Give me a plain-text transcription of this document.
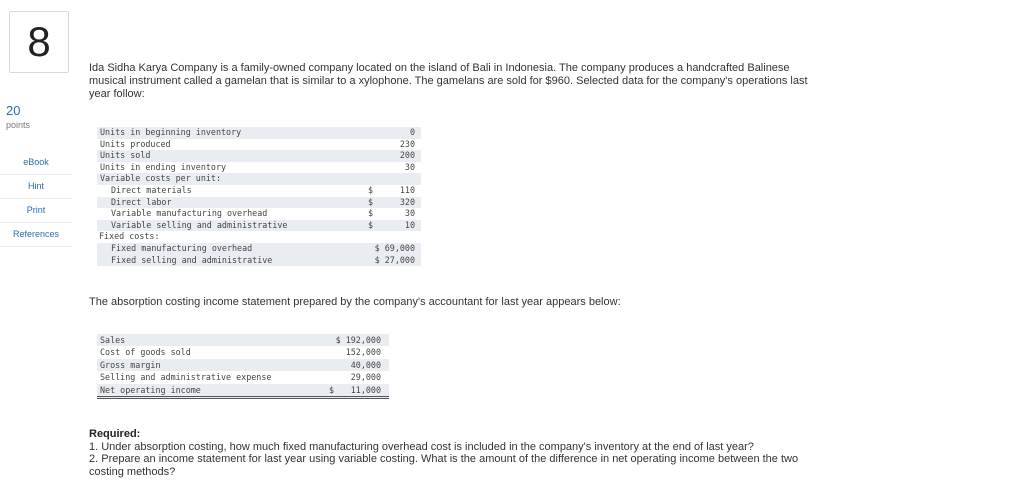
8
20
points
eBook
Hint
Print
References
Ida Sidha Karya Company is a family-owned company located on the island of Bali in Indonesia. The company produces a handcrafted Balinese musical instrument called a gamelan that is similar to a xylophone. The gamelans are sold for $960. Selected data for the company's operations last year follow:
Units in beginning inventory	0
Units produced	230
Units sold	200
Units in ending inventory	30
Variable costs per unit:
Direct materials	$	110
Direct labor	$	320
Variable manufacturing overhead	$	30
Variable selling and administrative	$	10
Fixed costs:
Fixed manufacturing overhead	$ 69,000
Fixed selling and administrative	$ 27,000
The absorption costing income statement prepared by the company's accountant for last year appears below:
Sales	$ 192,000
Cost of goods sold	152,000
Gross margin	40,000
Selling and administrative expense	29,000
Net operating income	$ 11,000
Required:
1. Under absorption costing, how much fixed manufacturing overhead cost is included in the company's inventory at the end of last year?
2. Prepare an income statement for last year using variable costing. What is the amount of the difference in net operating income between the two costing methods?
